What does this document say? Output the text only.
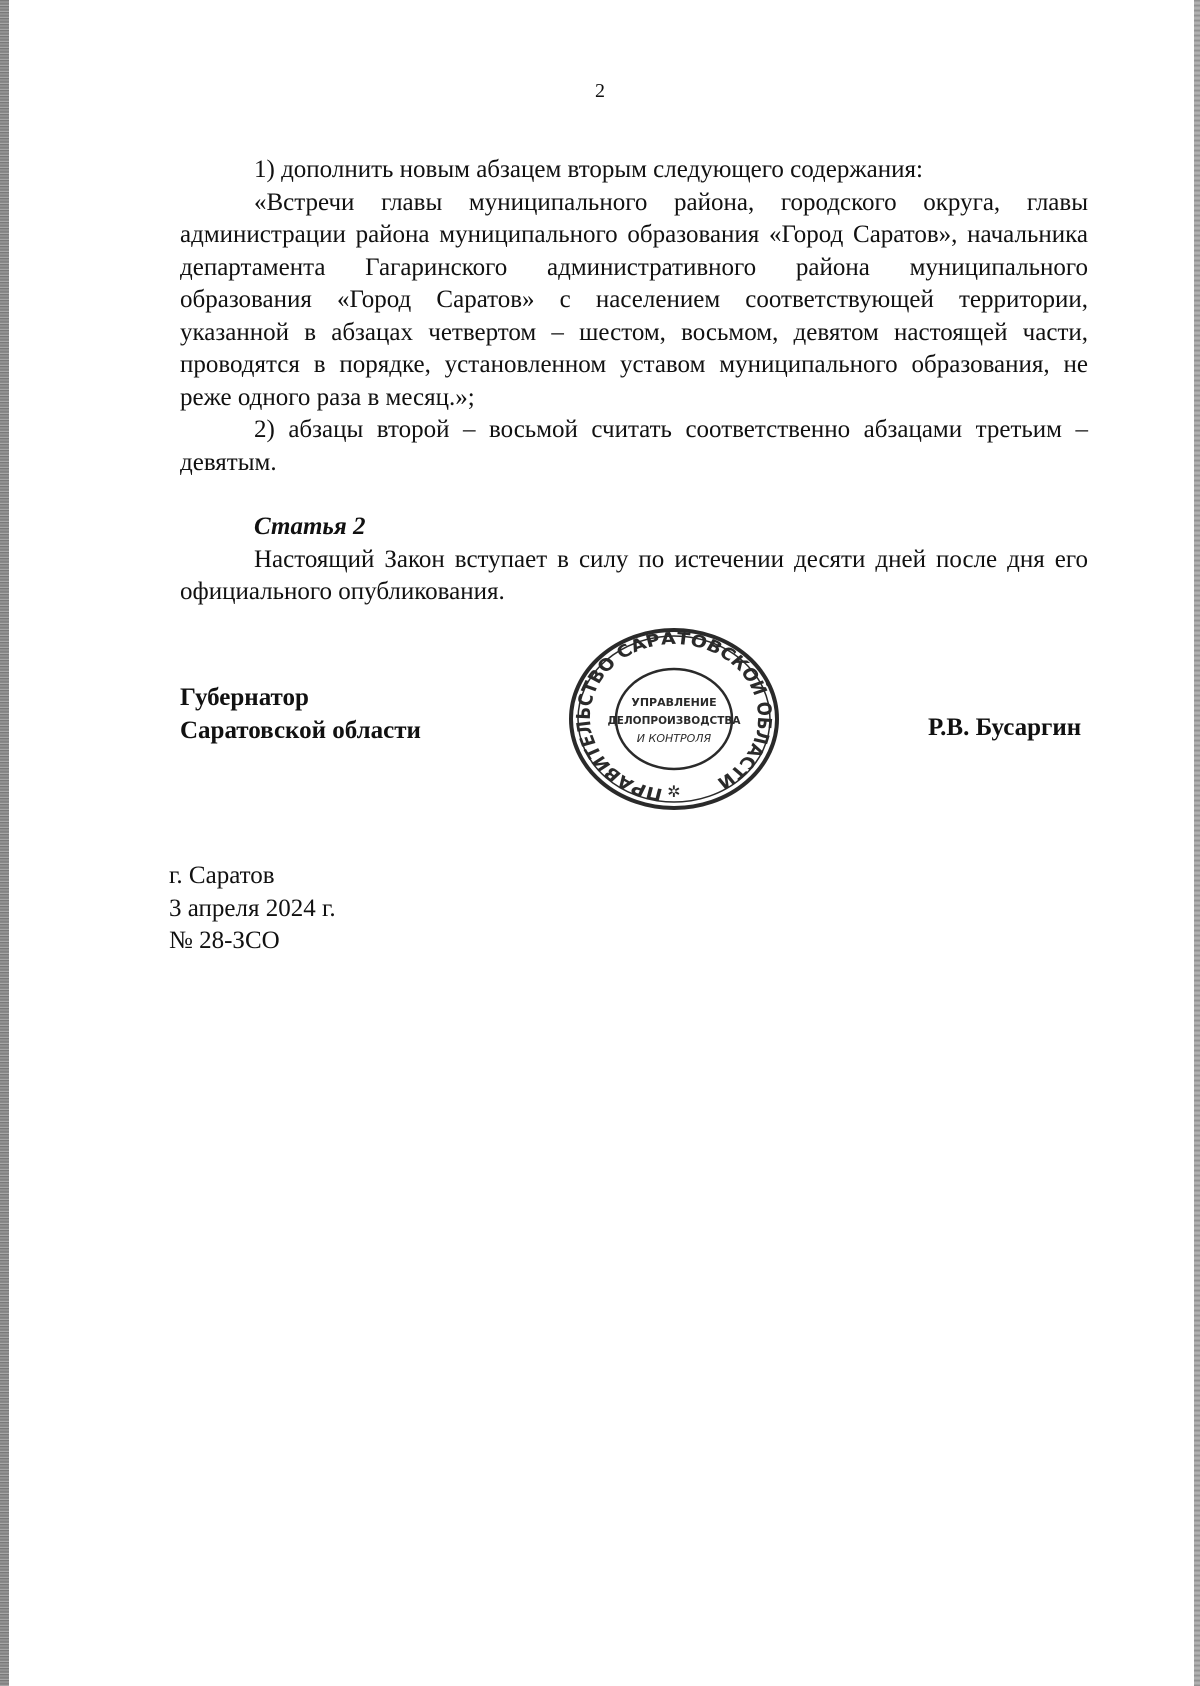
2

1) дополнить новым абзацем вторым следующего содержания:

«Встречи главы муниципального района, городского округа, главы администрации района муниципального образования «Город Саратов», начальника департамента Гагаринского административного района муниципального образования «Город Саратов» с населением соответствующей территории, указанной в абзацах четвертом – шестом, восьмом, девятом настоящей части, проводятся в порядке, установленном уставом муниципального образования, не реже одного раза в месяц.»;

2) абзацы второй – восьмой считать соответственно абзацами третьим – девятым.

Статья 2

Настоящий Закон вступает в силу по истечении десяти дней после дня его официального опубликования.

Губернатор
Саратовской области
ПРАВИТЕЛЬСТВО САРАТОВСКОЙ ОБЛАСТИ
УПРАВЛЕНИЕ
ДЕЛОПРОИЗВОДСТВА
И КОНТРОЛЯ
✲
Р.В. Бусаргин
г. Саратов
3 апреля 2024 г.
№ 28-ЗСО
